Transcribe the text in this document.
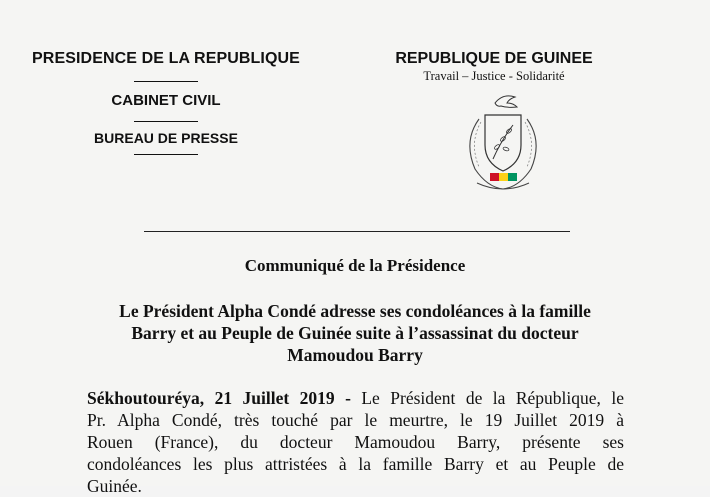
PRESIDENCE DE LA REPUBLIQUE
CABINET CIVIL
BUREAU DE PRESSE
REPUBLIQUE DE GUINEE
Travail – Justice - Solidarité
Communiqué de la Présidence
Le Président Alpha Condé adresse ses condoléances à la famille
Barry et au Peuple de Guinée suite à l’assassinat du docteur
Mamoudou Barry
Sékhoutouréya, 21 Juillet 2019 - Le Président de la République, le
Pr. Alpha Condé, très touché par le meurtre, le 19 Juillet 2019 à
Rouen (France), du docteur Mamoudou Barry, présente ses
condoléances les plus attristées à la famille Barry et au Peuple de
Guinée.
